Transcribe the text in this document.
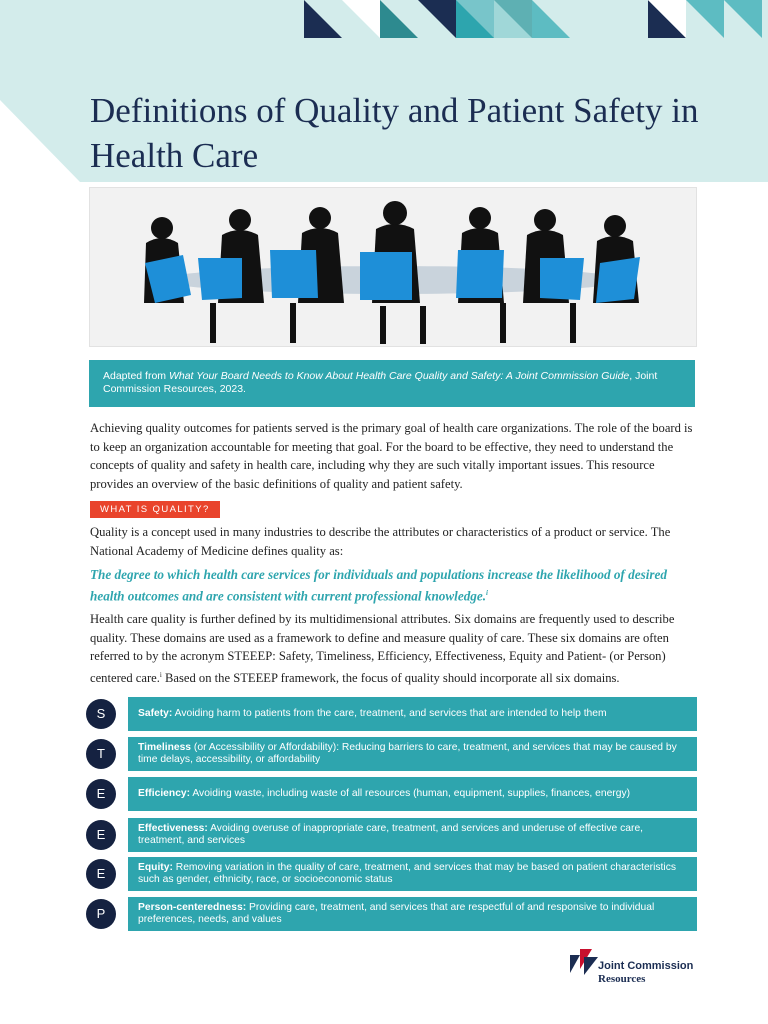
Definitions of Quality and Patient Safety in Health Care
Adapted from What Your Board Needs to Know About Health Care Quality and Safety: A Joint Commission Guide, Joint Commission Resources, 2023.

Achieving quality outcomes for patients served is the primary goal of health care organizations. The role of the board is to keep an organization accountable for meeting that goal. For the board to be effective, they need to understand the concepts of quality and safety in health care, including why they are such vitally important issues. This resource provides an overview of the basic definitions of quality and patient safety.

WHAT IS QUALITY?

Quality is a concept used in many industries to describe the attributes or characteristics of a product or service. The National Academy of Medicine defines quality as:

The degree to which health care services for individuals and populations increase the likelihood of desired health outcomes and are consistent with current professional knowledge.$^i$

Health care quality is further defined by its multidimensional attributes. Six domains are frequently used to describe quality. These domains are used as a framework to define and measure quality of care. These six domains are often referred to by the acronym STEEEP: Safety, Timeliness, Efficiency, Effectiveness, Equity and Patient- (or Person) centered care.$^i$ Based on the STEEEP framework, the focus of quality should incorporate all six domains.

S	Safety: Avoiding harm to patients from the care, treatment, and services that are intended to help them
T	Timeliness (or Accessibility or Affordability): Reducing barriers to care, treatment, and services that may be caused by time delays, accessibility, or affordability
E	Efficiency: Avoiding waste, including waste of all resources (human, equipment, supplies, finances, energy)
E	Effectiveness: Avoiding overuse of inappropriate care, treatment, and services and underuse of effective care, treatment, and services
E	Equity: Removing variation in the quality of care, treatment, and services that may be based on patient characteristics such as gender, ethnicity, race, or socioeconomic status
P	Person-centeredness: Providing care, treatment, and services that are respectful of and responsive to individual preferences, needs, and values
Joint Commission
Resources
